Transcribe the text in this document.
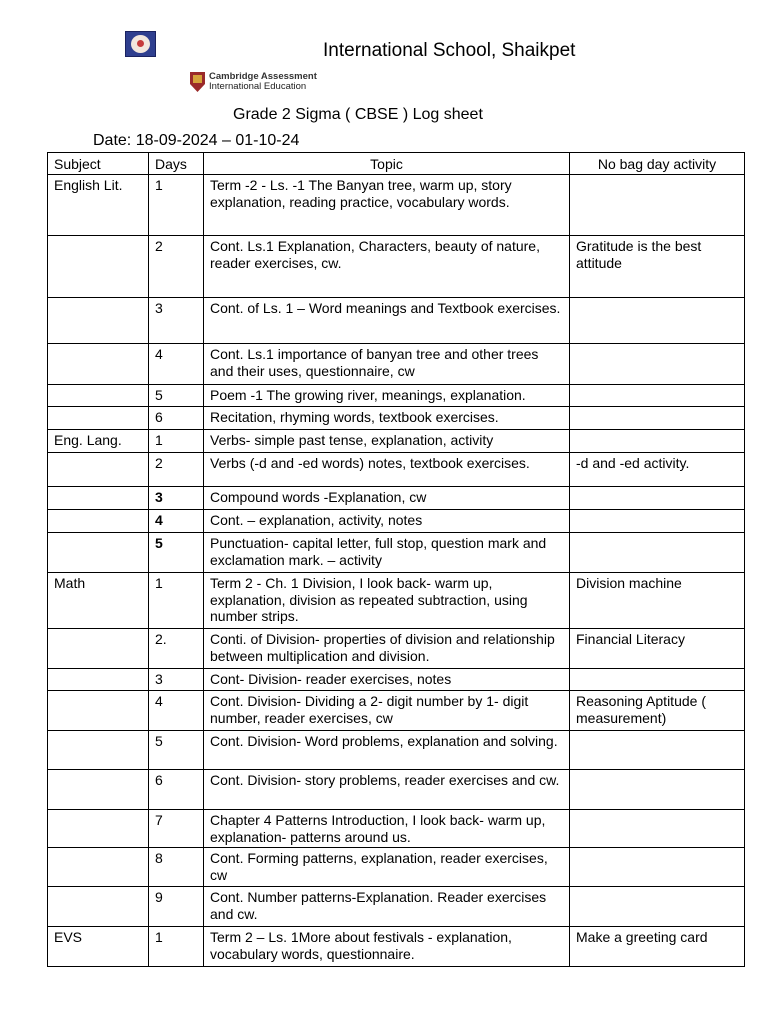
International School, Shaikpet
Cambridge Assessment
International Education
Grade 2 Sigma ( CBSE ) Log sheet
Date: 18-09-2024 – 01-10-24
Subject	Days	Topic	No bag day activity
English Lit.	1	Term -2 - Ls. -1 The Banyan tree, warm up, story explanation, reading practice, vocabulary words.	
	2	Cont. Ls.1 Explanation, Characters, beauty of nature, reader exercises, cw.	Gratitude is the best attitude
	3	Cont. of Ls. 1 – Word meanings and Textbook exercises.	
	4	Cont. Ls.1 importance of banyan tree and other trees and their uses, questionnaire, cw	
	5	Poem -1 The growing river, meanings, explanation.	
	6	Recitation, rhyming words, textbook exercises.	
Eng. Lang.	1	Verbs- simple past tense, explanation, activity	
	2	Verbs (-d and -ed words) notes, textbook exercises.	-d and -ed activity.
	3	Compound words -Explanation, cw	
	4	Cont. – explanation, activity, notes	
	5	Punctuation- capital letter, full stop, question mark and exclamation mark. – activity	
Math	1	Term 2 - Ch. 1 Division, I look back- warm up, explanation, division as repeated subtraction, using number strips.	Division machine
	2.	Conti. of Division- properties of division and relationship between multiplication and division.	Financial Literacy
	3	Cont- Division- reader exercises, notes	
	4	Cont. Division- Dividing a 2- digit number by 1- digit number, reader exercises, cw	Reasoning Aptitude ( measurement)
	5	Cont. Division- Word problems, explanation and solving.	
	6	Cont. Division- story problems, reader exercises and cw.	
	7	Chapter 4 Patterns Introduction, I look back- warm up, explanation- patterns around us.	
	8	Cont. Forming patterns, explanation, reader exercises, cw	
	9	Cont. Number patterns-Explanation. Reader exercises and cw.	
EVS	1	Term 2 – Ls. 1More about festivals - explanation, vocabulary words, questionnaire.	Make a greeting card
